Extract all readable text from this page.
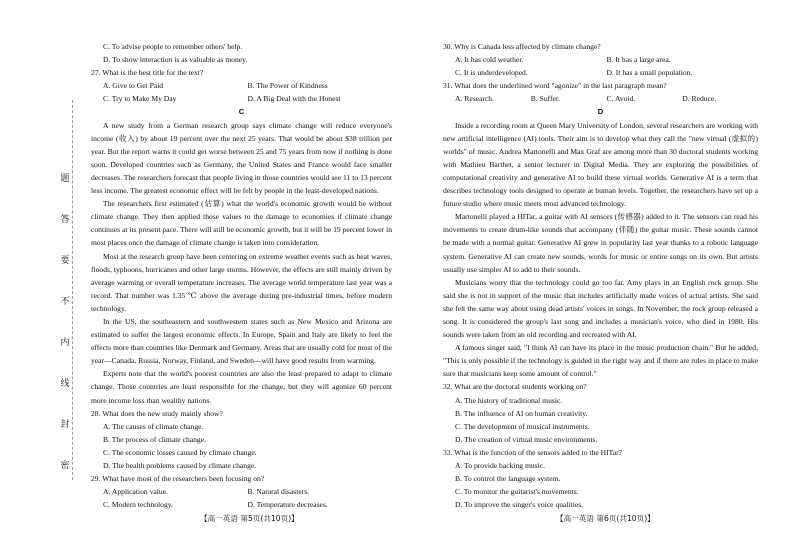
题
答
要
不
内
线
封
密
C. To advise people to remember others' help.
D. To show interaction is as valuable as money.
27. What is the best title for the text?
A. Give to Get Paid	B. The Power of Kindness
C. Try to Make My Day	D. A Big Deal with the Honest
C

A new study from a German research group says climate change will reduce everyone's income (收入) by about 19 percent over the next 25 years. That would be about $38 trillion per year. But the report warns it could get worse between 25 and 75 years from now if nothing is done soon. Developed countries such as Germany, the United States and France would face smaller decreases. The researchers forecast that people living in those countries would see 11 to 13 percent less income. The greatest economic effect will be felt by people in the least-developed nations.

The researchers first estimated (估算) what the world's economic growth would be without climate change. They then applied those values to the damage to economies if climate change continues at its present pace. There will still be economic growth, but it will be 19 percent lower in most places once the damage of climate change is taken into consideration.

Most at the research group have been centering on extreme weather events such as heat waves, floods, typhoons, hurricanes and other large storms. However, the effects are still mainly driven by average warming or overall temperature increases. The average world temperature last year was a record. That number was 1.35 ℃ above the average during pre-industrial times, before modern technology.

In the US, the southeastern and southwestern states such as New Mexico and Arizona are estimated to suffer the largest economic effects. In Europe, Spain and Italy are likely to feel the effects more than countries like Denmark and Germany. Areas that are usually cold for most of the year—Canada, Russia, Norway, Finland, and Sweden—will have good results from warming.

Experts note that the world's poorest countries are also the least prepared to adapt to climate change. Those countries are least responsible for the change, but they will agonize 60 percent more income loss than wealthy nations.

28. What does the new study mainly show?
A. The causes of climate change.
B. The process of climate change.
C. The economic losses caused by climate change.
D. The health problems caused by climate change.
29. What have most of the researchers been focusing on?
A. Application value.	B. Natural disasters.
C. Modern technology.	D. Temperature decreases.
30. Why is Canada less affected by climate change?
A. It has cold weather.	B. It has a large area.
C. It is underdeveloped.	D. It has a small population.
31. What does the underlined word "agonize" in the last paragraph mean?
A. Research.	B. Suffer.	C. Avoid.	D. Reduce.
D

Inside a recording room at Queen Mary University of London, several researchers are working with new artificial intelligence (AI) tools. Their aim is to develop what they call the "new virtual (虚拟的) worlds" of music. Andrea Martonelli and Max Graf are among more than 30 doctoral students working with Mathieu Barthet, a senior lecturer in Digital Media. They are exploring the possibilities of computational creativity and generative AI to build these virtual worlds. Generative AI is a term that describes technology tools designed to operate at human levels. Together, the researchers have set up a future studio where music meets most advanced technology.

Martonelli played a HITar, a guitar with AI sensors (传感器) added to it. The sensors can read his movements to create drum-like sounds that accompany (伴随) the guitar music. These sounds cannot be made with a normal guitar. Generative AI grew in popularity last year thanks to a robotic language system. Generative AI can create new sounds, words for music or entire songs on its own. But artists usually use simpler AI to add to their sounds.

Musicians worry that the technology could go too far. Amy plays in an English rock group. She said she is not in support of the music that includes artificially made voices of actual artists. She said she felt the same way about using dead artists' voices in songs. In November, the rock group released a song. It is considered the group's last song and includes a musician's voice, who died in 1980. His sounds were taken from an old recording and recreated with AI.

A famous singer said, "I think AI can have its place in the music production chain." But he added, "This is only possible if the technology is guided in the right way and if there are rules in place to make sure that musicians keep some amount of control."

32. What are the doctoral students working on?
A. The history of traditional music.
B. The influence of AI on human creativity.
C. The development of musical instruments.
D. The creation of virtual music environments.
33. What is the function of the sensors added to the HITar?
A. To provide backing music.
B. To control the language system.
C. To monitor the guitarist's movements.
D. To improve the singer's voice qualities.
【高一英语 第5页(共10页)】	【高一英语 第6页(共10页)】
